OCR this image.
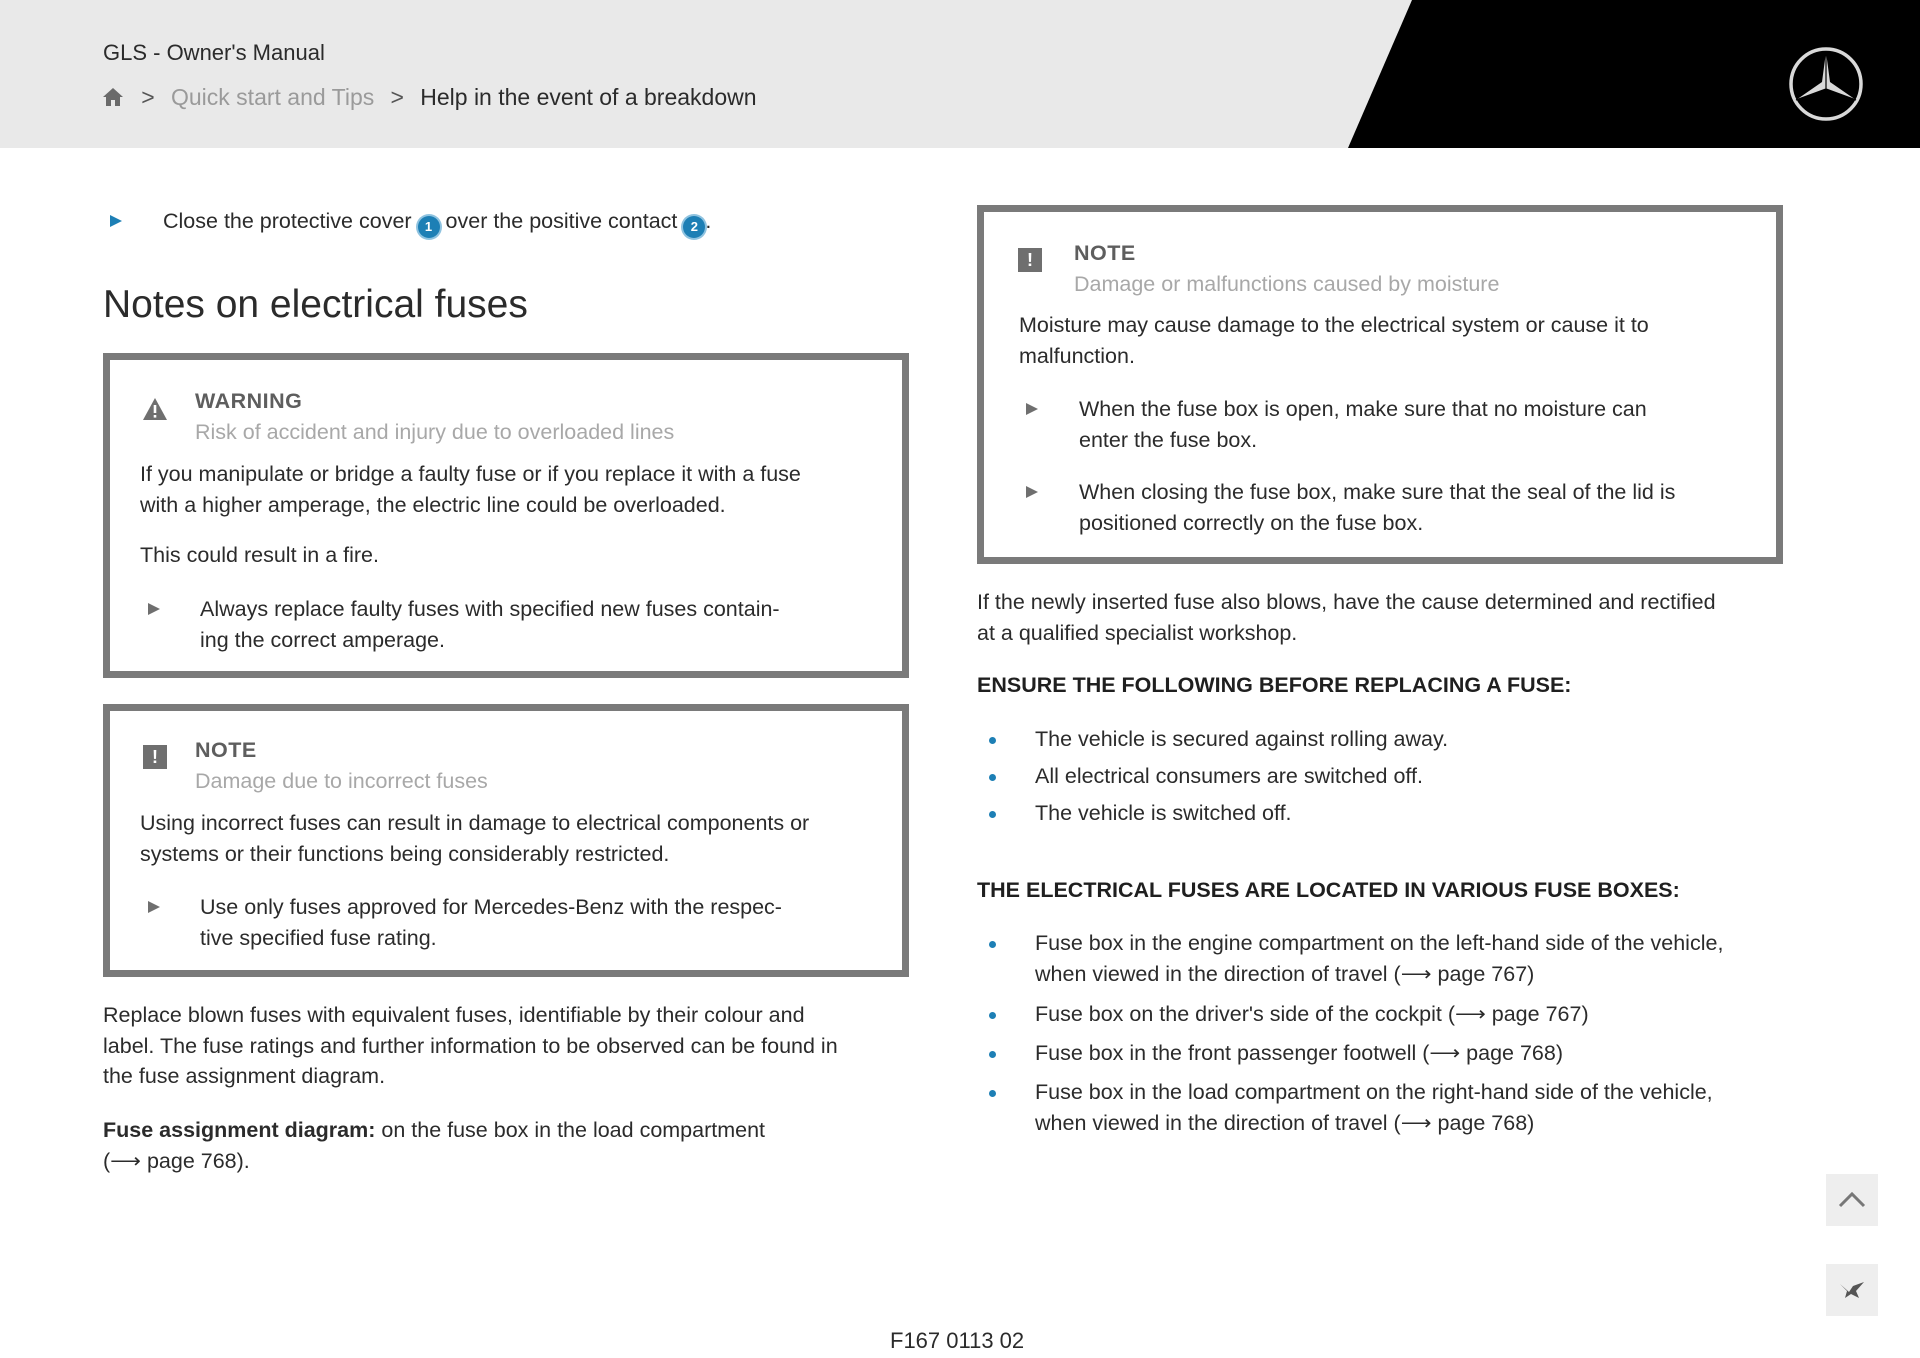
GLS - Owner's Manual
> Quick start and Tips > Help in the event of a breakdown

Close the protective cover 1 over the positive contact 2 .

Notes on electrical fuses
WARNING
Risk of accident and injury due to overloaded lines

If you manipulate or bridge a faulty fuse or if you replace it with a fuse
with a higher amperage, the electric line could be overloaded.

This could result in a fire.

Always replace faulty fuses with specified new fuses contain-
ing the correct amperage.

!	NOTE
Damage due to incorrect fuses

Using incorrect fuses can result in damage to electrical components or
systems or their functions being considerably restricted.

Use only fuses approved for Mercedes-Benz with the respec-
tive specified fuse rating.

Replace blown fuses with equivalent fuses, identifiable by their colour and
label. The fuse ratings and further information to be observed can be found in
the fuse assignment diagram.

Fuse assignment diagram: on the fuse box in the load compartment
(⟶ page 768).

!	NOTE
Damage or malfunctions caused by moisture

Moisture may cause damage to the electrical system or cause it to
malfunction.

When the fuse box is open, make sure that no moisture can
enter the fuse box.

When closing the fuse box, make sure that the seal of the lid is
positioned correctly on the fuse box.

If the newly inserted fuse also blows, have the cause determined and rectified
at a qualified specialist workshop.

ENSURE THE FOLLOWING BEFORE REPLACING A FUSE:

The vehicle is secured against rolling away.

All electrical consumers are switched off.

The vehicle is switched off.

THE ELECTRICAL FUSES ARE LOCATED IN VARIOUS FUSE BOXES:

Fuse box in the engine compartment on the left-hand side of the vehicle,
when viewed in the direction of travel (⟶ page 767)

Fuse box on the driver's side of the cockpit (⟶ page 767)

Fuse box in the front passenger footwell (⟶ page 768)

Fuse box in the load compartment on the right-hand side of the vehicle,
when viewed in the direction of travel (⟶ page 768)

F167 0113 02
